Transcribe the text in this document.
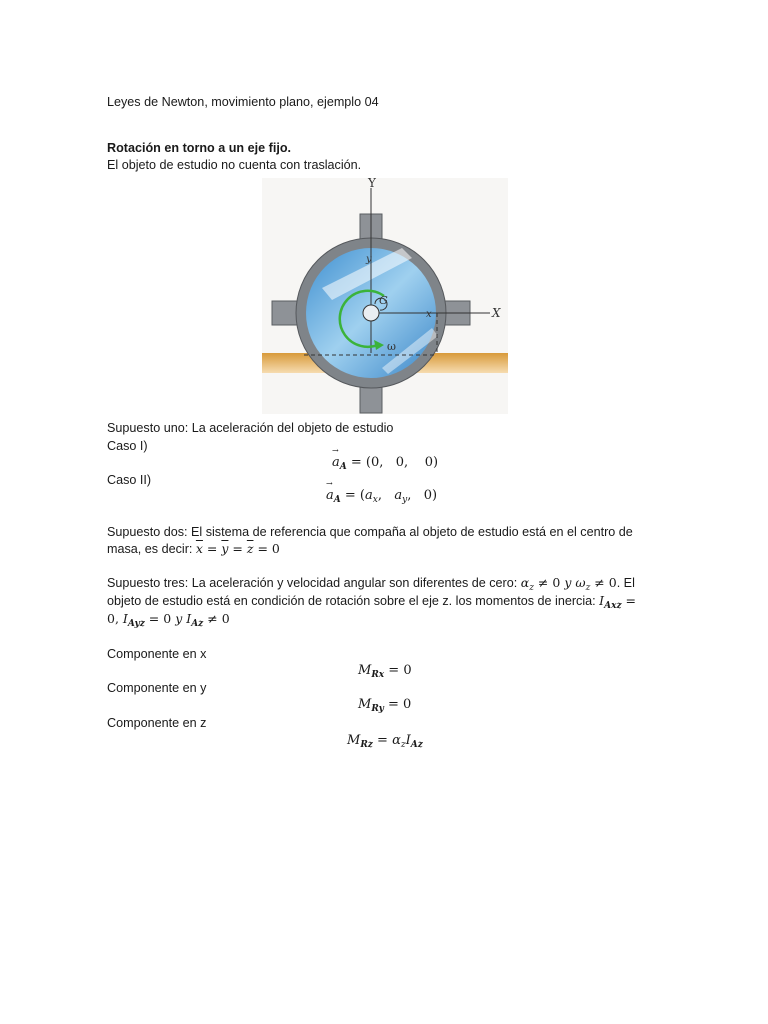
Leyes de Newton, movimiento plano, ejemplo 04
Rotación en torno a un eje fijo.
El objeto de estudio no cuenta con traslación.
Y
y
X
x
G
ω
Supuesto uno: La aceleración del objeto de estudio
Caso I)
→ $a_A = (0$,   0,    0)
Caso II)
→ $a_A = (a_x$,   $a_y$,   0)
Supuesto dos: El sistema de referencia que compaña al objeto de estudio está en el centro de
masa, es decir: $\overline{x} = \overline{y} = \overline{z} = 0$
Supuesto tres: La aceleración y velocidad angular son diferentes de cero: $\alpha_z \ne 0$ y $\omega_z \ne 0$. El
objeto de estudio está en condición de rotación sobre el eje z. los momentos de inercia: $I_{Axz}$ =
0, $I_{Ayz} = 0$ y $I_{Az} \ne 0$
Componente en x
$M_{Rx} = 0$
Componente en y
$M_{Ry} = 0$
Componente en z
$M_{Rz} = \alpha_zI_{Az}$
